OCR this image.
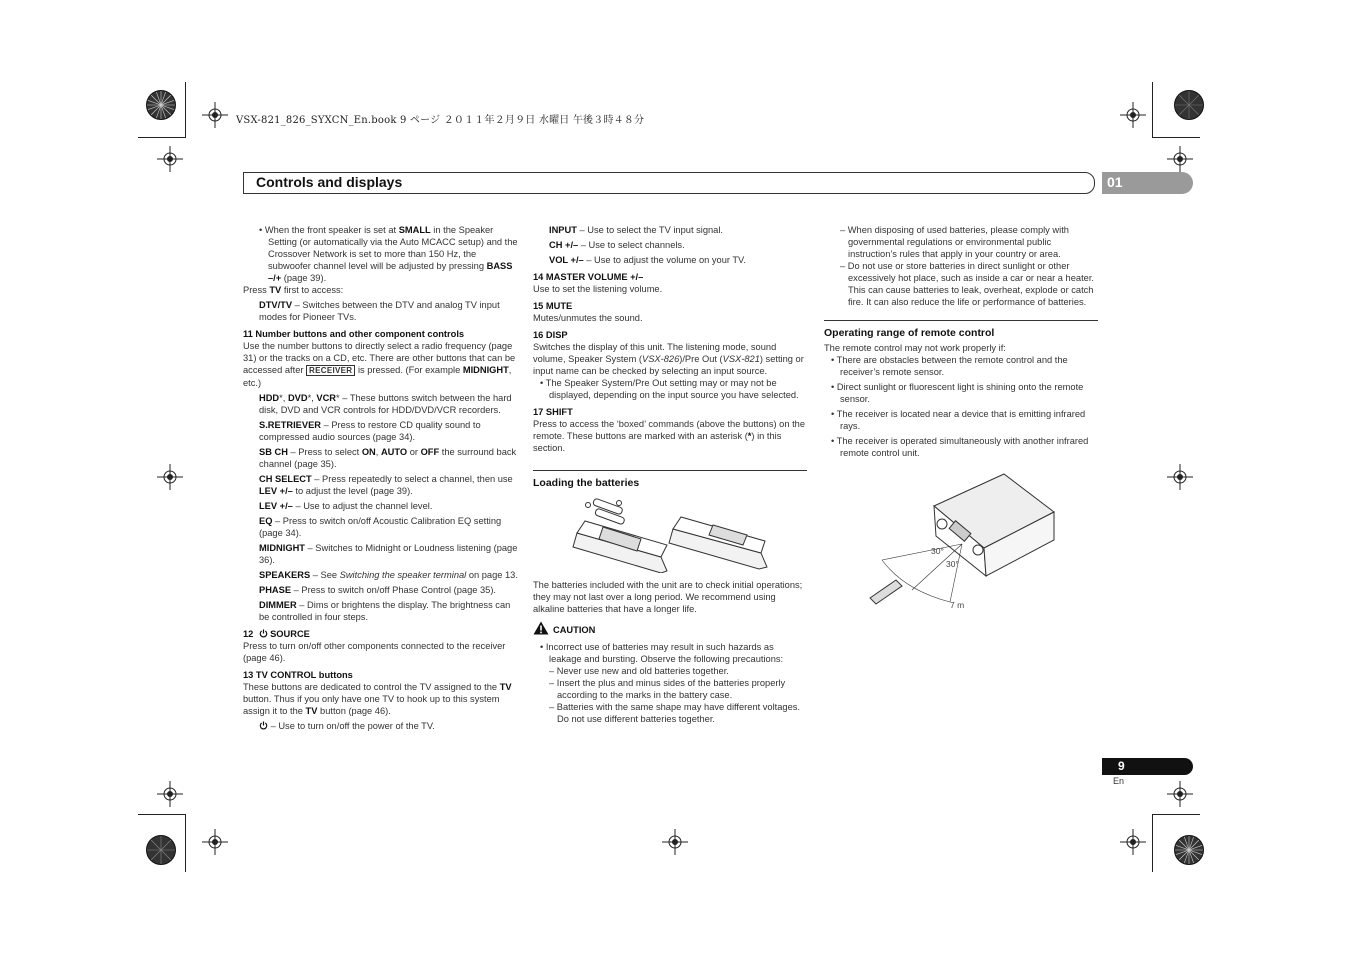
VSX-821_826_SYXCN_En.book 9 ページ ２０１１年２月９日 水曜日 午後３時４８分
Controls and displays	01

• When the front speaker is set at SMALL in the Speaker Setting (or automatically via the Auto MCACC setup) and the Crossover Network is set to more than 150 Hz, the subwoofer channel level will be adjusted by pressing BASS –/+ (page 39).

Press TV first to access:

DTV/TV – Switches between the DTV and analog TV input modes for Pioneer TVs.

11 Number buttons and other component controls

Use the number buttons to directly select a radio frequency (page 31) or the tracks on a CD, etc. There are other buttons that can be accessed after RECEIVER is pressed. (For example MIDNIGHT, etc.)

HDD*, DVD*, VCR* – These buttons switch between the hard disk, DVD and VCR controls for HDD/DVD/VCR recorders.

S.RETRIEVER – Press to restore CD quality sound to compressed audio sources (page 34).

SB CH – Press to select ON, AUTO or OFF the surround back channel (page 35).

CH SELECT – Press repeatedly to select a channel, then use LEV +/– to adjust the level (page 39).

LEV +/– – Use to adjust the channel level.

EQ – Press to switch on/off Acoustic Calibration EQ setting (page 34).

MIDNIGHT – Switches to Midnight or Loudness listening (page 36).

SPEAKERS – See Switching the speaker terminal on page 13.

PHASE – Press to switch on/off Phase Control (page 35).

DIMMER – Dims or brightens the display. The brightness can be controlled in four steps.

12 SOURCE

Press to turn on/off other components connected to the receiver (page 46).

13 TV CONTROL buttons

These buttons are dedicated to control the TV assigned to the TV button. Thus if you only have one TV to hook up to this system assign it to the TV button (page 46).

– Use to turn on/off the power of the TV.

INPUT – Use to select the TV input signal.

CH +/– – Use to select channels.

VOL +/– – Use to adjust the volume on your TV.

14 MASTER VOLUME +/–

Use to set the listening volume.

15 MUTE

Mutes/unmutes the sound.

16 DISP

Switches the display of this unit. The listening mode, sound volume, Speaker System (VSX-826)/Pre Out (VSX-821) setting or input name can be checked by selecting an input source.

• The Speaker System/Pre Out setting may or may not be displayed, depending on the input source you have selected.

17 SHIFT

Press to access the ‘boxed’ commands (above the buttons) on the remote. These buttons are marked with an asterisk (*) in this section.

Loading the batteries

The batteries included with the unit are to check initial operations; they may not last over a long period. We recommend using alkaline batteries that have a longer life.

CAUTION

• Incorrect use of batteries may result in such hazards as leakage and bursting. Observe the following precautions:

– Never use new and old batteries together.

– Insert the plus and minus sides of the batteries properly according to the marks in the battery case.

– Batteries with the same shape may have different voltages. Do not use different batteries together.

– When disposing of used batteries, please comply with governmental regulations or environmental public instruction’s rules that apply in your country or area.

– Do not use or store batteries in direct sunlight or other excessively hot place, such as inside a car or near a heater. This can cause batteries to leak, overheat, explode or catch fire. It can also reduce the life or performance of batteries.

Operating range of remote control

The remote control may not work properly if:

• There are obstacles between the remote control and the receiver’s remote sensor.

• Direct sunlight or fluorescent light is shining onto the remote sensor.

• The receiver is located near a device that is emitting infrared rays.

• The receiver is operated simultaneously with another infrared remote control unit.

30°
30°
7 m
9
En
